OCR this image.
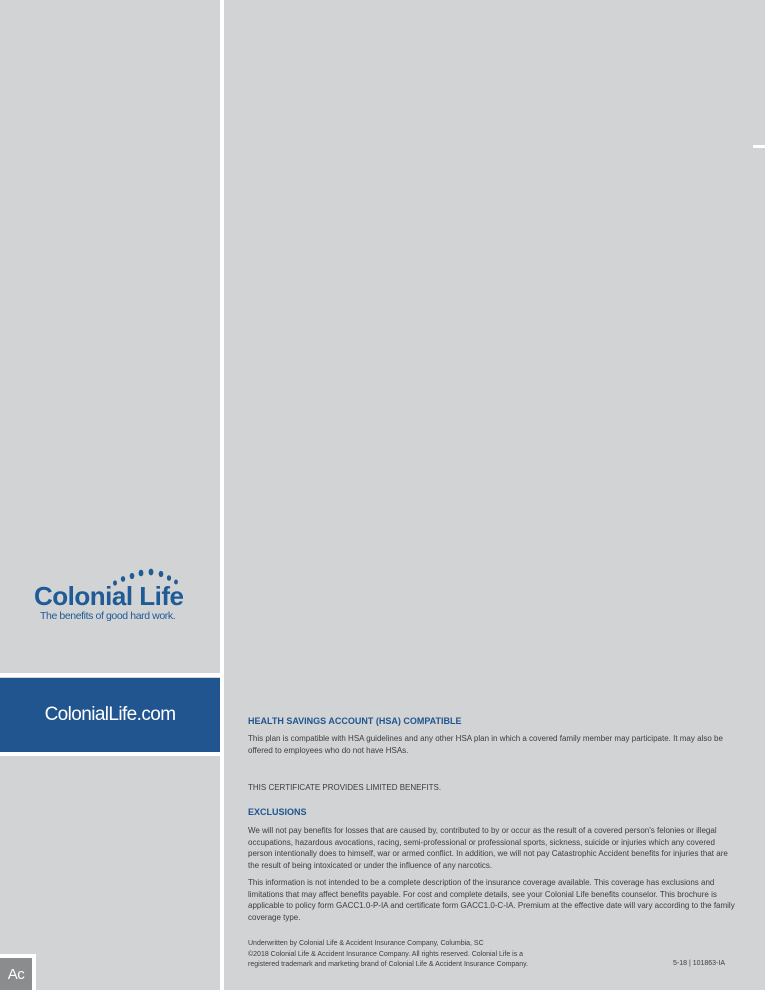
Colonial Life
The benefits of good hard work.
ColonialLife.com	HEALTH SAVINGS ACCOUNT (HSA) COMPATIBLE
This plan is compatible with HSA guidelines and any other HSA plan in which a covered family member may participate. It may also be offered to employees who do not have HSAs.
THIS CERTIFICATE PROVIDES LIMITED BENEFITS.
EXCLUSIONS
We will not pay benefits for losses that are caused by, contributed to by or occur as the result of a covered person's felonies or illegal occupations, hazardous avocations, racing, semi-professional or professional sports, sickness, suicide or injuries which any covered person intentionally does to himself, war or armed conflict. In addition, we will not pay Catastrophic Accident benefits for injuries that are the result of being intoxicated or under the influence of any narcotics.
This information is not intended to be a complete description of the insurance coverage available. This coverage has exclusions and limitations that may affect benefits payable. For cost and complete details, see your Colonial Life benefits counselor. This brochure is applicable to policy form GACC1.0-P-IA and certificate form GACC1.0-C-IA. Premium at the effective date will vary according to the family coverage type.
Underwritten by Colonial Life & Accident Insurance Company, Columbia, SC
©2018 Colonial Life & Accident Insurance Company. All rights reserved. Colonial Life is a
registered trademark and marketing brand of Colonial Life & Accident Insurance Company.	5-18 | 101863-IA
Ac
